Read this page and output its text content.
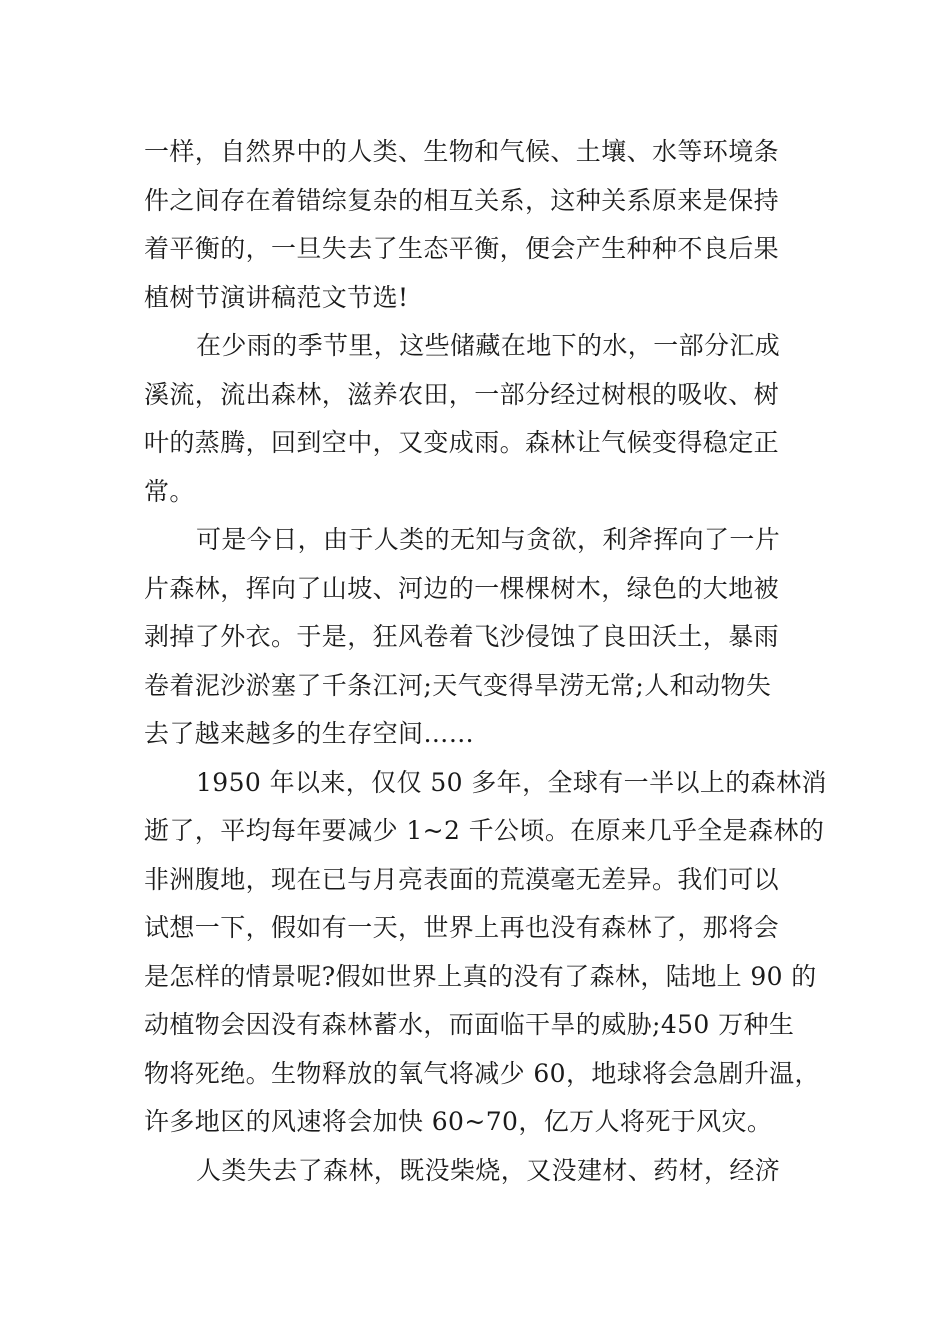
一样，自然界中的人类、生物和气候、土壤、水等环境条
件之间存在着错综复杂的相互关系，这种关系原来是保持
着平衡的，一旦失去了生态平衡，便会产生种种不良后果
植树节演讲稿范文节选!
在少雨的季节里，这些储藏在地下的水，一部分汇成
溪流，流出森林，滋养农田，一部分经过树根的吸收、树
叶的蒸腾，回到空中，又变成雨。森林让气候变得稳定正
常。
可是今日，由于人类的无知与贪欲，利斧挥向了一片
片森林，挥向了山坡、河边的一棵棵树木，绿色的大地被
剥掉了外衣。于是，狂风卷着飞沙侵蚀了良田沃土，暴雨
卷着泥沙淤塞了千条江河;天气变得旱涝无常;人和动物失
去了越来越多的生存空间……
1950 年以来，仅仅 50 多年，全球有一半以上的森林消
逝了，平均每年要减少 1~2 千公顷。在原来几乎全是森林的
非洲腹地，现在已与月亮表面的荒漠毫无差异。我们可以
试想一下，假如有一天，世界上再也没有森林了，那将会
是怎样的情景呢?假如世界上真的没有了森林，陆地上 90 的
动植物会因没有森林蓄水，而面临干旱的威胁;450 万种生
物将死绝。生物释放的氧气将减少 60，地球将会急剧升温，
许多地区的风速将会加快 60~70，亿万人将死于风灾。
人类失去了森林，既没柴烧，又没建材、药材，经济
